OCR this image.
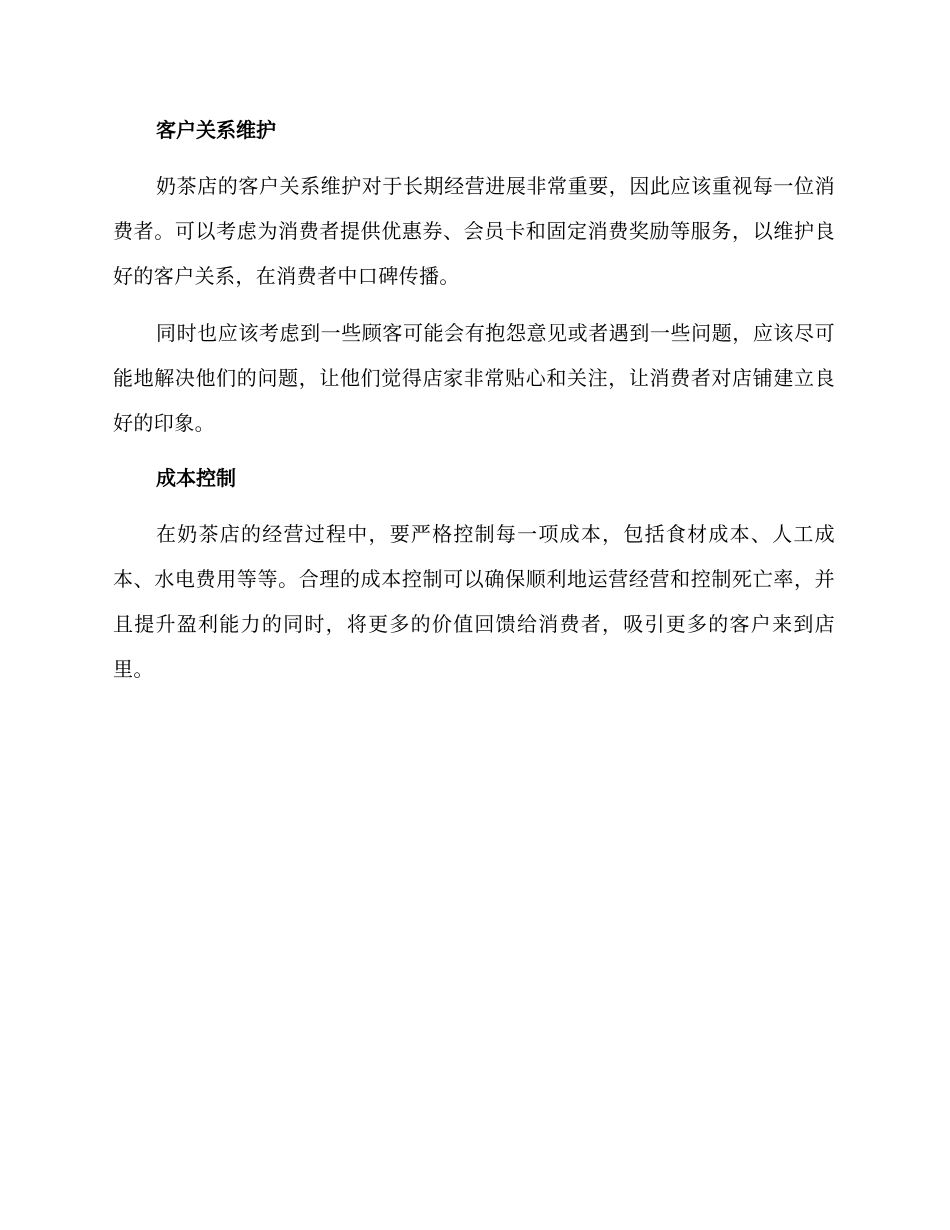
客户关系维护

奶茶店的客户关系维护对于长期经营进展非常重要，因此应该重视每一位消费者。可以考虑为消费者提供优惠券、会员卡和固定消费奖励等服务，以维护良好的客户关系，在消费者中口碑传播。

同时也应该考虑到一些顾客可能会有抱怨意见或者遇到一些问题，应该尽可能地解决他们的问题，让他们觉得店家非常贴心和关注，让消费者对店铺建立良好的印象。

成本控制

在奶茶店的经营过程中，要严格控制每一项成本，包括食材成本、人工成本、水电费用等等。合理的成本控制可以确保顺利地运营经营和控制死亡率，并且提升盈利能力的同时，将更多的价值回馈给消费者，吸引更多的客户来到店里。
